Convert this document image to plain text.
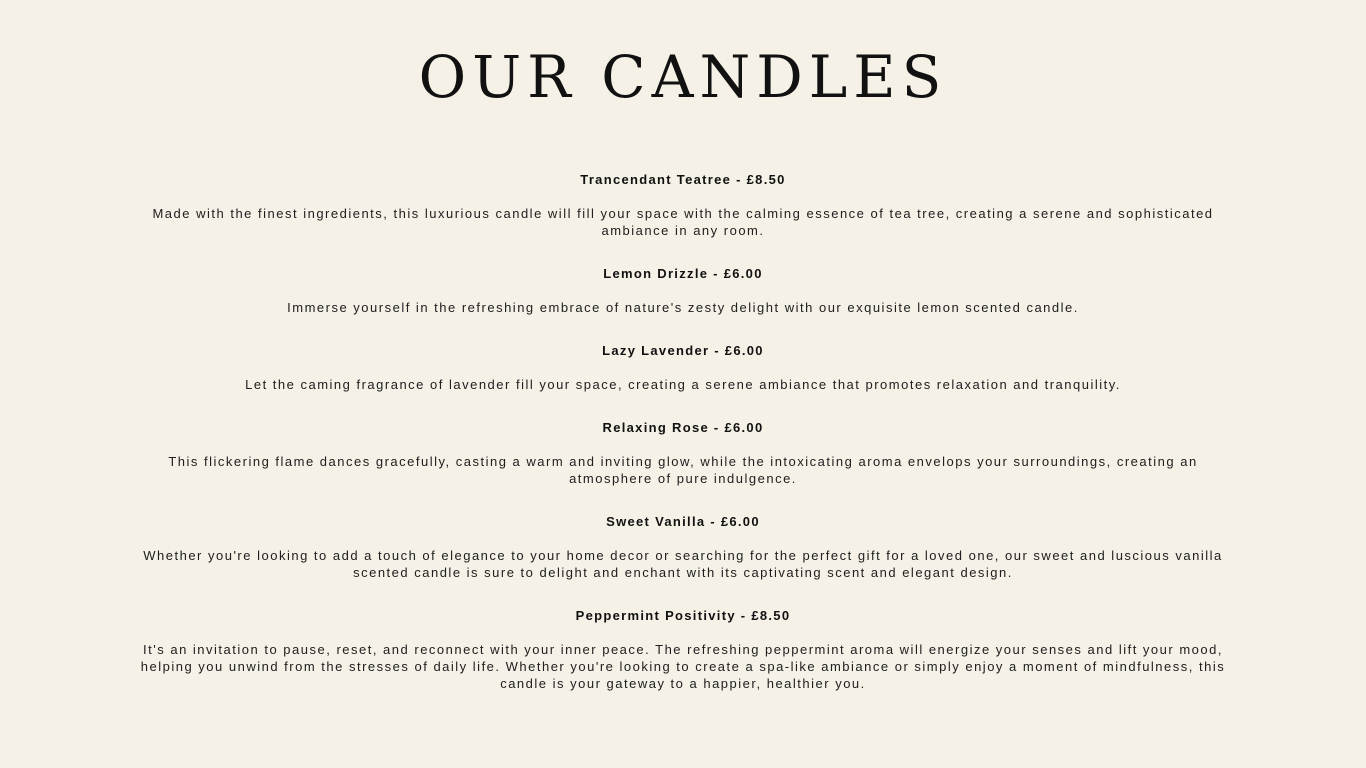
OUR CANDLES
Trancendant Teatree - £8.50

Made with the finest ingredients, this luxurious candle will fill your space with the calming essence of tea tree, creating a serene and sophisticated ambiance in any room.

Lemon Drizzle - £6.00

Immerse yourself in the refreshing embrace of nature's zesty delight with our exquisite lemon scented candle.

Lazy Lavender - £6.00

Let the caming fragrance of lavender fill your space, creating a serene ambiance that promotes relaxation and tranquility.

Relaxing Rose - £6.00

This flickering flame dances gracefully, casting a warm and inviting glow, while the intoxicating aroma envelops your surroundings, creating an atmosphere of pure indulgence.

Sweet Vanilla - £6.00

Whether you're looking to add a touch of elegance to your home decor or searching for the perfect gift for a loved one, our sweet and luscious vanilla scented candle is sure to delight and enchant with its captivating scent and elegant design.

Peppermint Positivity - £8.50

It's an invitation to pause, reset, and reconnect with your inner peace. The refreshing peppermint aroma will energize your senses and lift your mood, helping you unwind from the stresses of daily life. Whether you're looking to create a spa-like ambiance or simply enjoy a moment of mindfulness, this candle is your gateway to a happier, healthier you.
